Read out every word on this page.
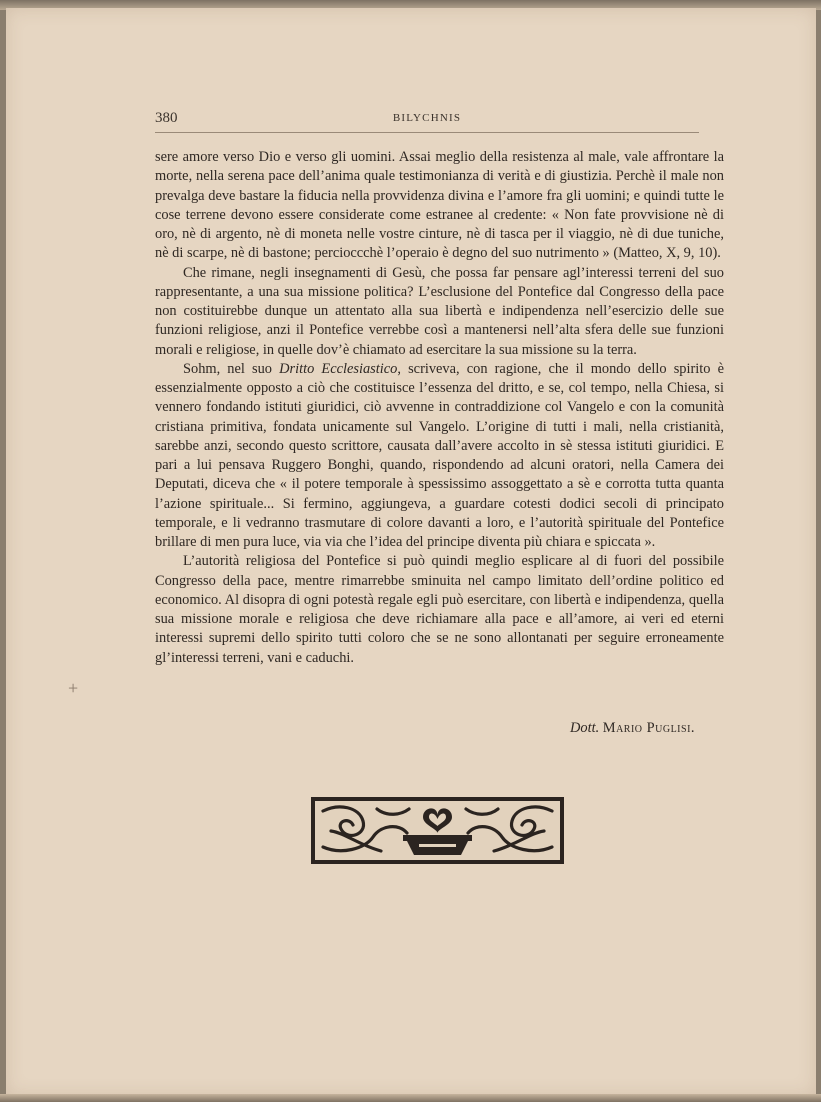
380	BILYCHNIS

sere amore verso Dio e verso gli uomini. Assai meglio della resistenza al male, vale affrontare la morte, nella serena pace dell’anima quale testimonianza di verità e di giustizia. Perchè il male non prevalga deve bastare la fiducia nella provvidenza divina e l’amore fra gli uomini; e quindi tutte le cose terrene devono essere considerate come estranee al credente: « Non fate provvisione nè di oro, nè di argento, nè di moneta nelle vostre cinture, nè di tasca per il viaggio, nè di due tuniche, nè di scarpe, nè di bastone; percioccchè l’operaio è degno del suo nutrimento » (Matteo, X, 9, 10).

Che rimane, negli insegnamenti di Gesù, che possa far pensare agl’interessi terreni del suo rappresentante, a una sua missione politica? L’esclusione del Pontefice dal Congresso della pace non costituirebbe dunque un attentato alla sua libertà e indipendenza nell’esercizio delle sue funzioni religiose, anzi il Pontefice verrebbe così a mantenersi nell’alta sfera delle sue funzioni morali e religiose, in quelle dov’è chiamato ad esercitare la sua missione su la terra.

Sohm, nel suo Dritto Ecclesiastico, scriveva, con ragione, che il mondo dello spirito è essenzialmente opposto a ciò che costituisce l’essenza del dritto, e se, col tempo, nella Chiesa, si vennero fondando istituti giuridici, ciò avvenne in contraddizione col Vangelo e con la comunità cristiana primitiva, fondata unicamente sul Vangelo. L’origine di tutti i mali, nella cristianità, sarebbe anzi, secondo questo scrittore, causata dall’avere accolto in sè stessa istituti giuridici. E pari a lui pensava Ruggero Bonghi, quando, rispondendo ad alcuni oratori, nella Camera dei Deputati, diceva che « il potere temporale à spessissimo assoggettato a sè e corrotta tutta quanta l’azione spirituale... Si fermino, aggiungeva, a guardare cotesti dodici secoli di principato temporale, e li vedranno trasmutare di colore davanti a loro, e l’autorità spirituale del Pontefice brillare di men pura luce, via via che l’idea del principe diventa più chiara e spiccata ».

L’autorità religiosa del Pontefice si può quindi meglio esplicare al di fuori del possibile Congresso della pace, mentre rimarrebbe sminuita nel campo limitato dell’ordine politico ed economico. Al disopra di ogni potestà regale egli può esercitare, con libertà e indipendenza, quella sua missione morale e religiosa che deve richiamare alla pace e all’amore, ai veri ed eterni interessi supremi dello spirito tutti coloro che se ne sono allontanati per seguire erroneamente gl’interessi terreni, vani e caduchi.

Dott. Mario Puglisi.
+
